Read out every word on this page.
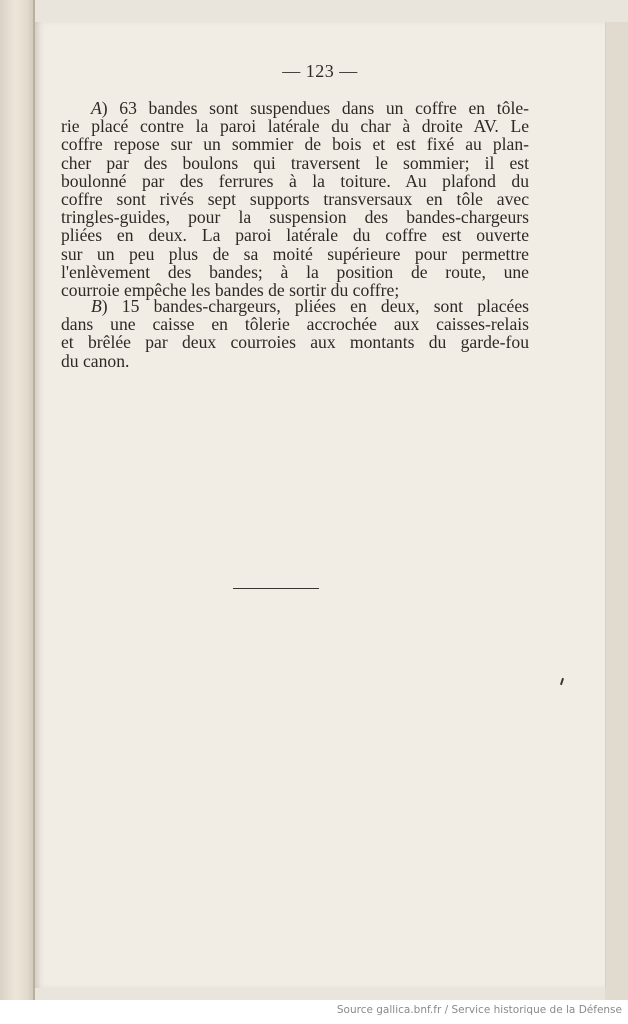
— 123 —
A) 63 bandes sont suspendues dans un coffre en tôle-
rie placé contre la paroi latérale du char à droite AV. Le
coffre repose sur un sommier de bois et est fixé au plan-
cher par des boulons qui traversent le sommier; il est
boulonné par des ferrures à la toiture. Au plafond du
coffre sont rivés sept supports transversaux en tôle avec
tringles-guides, pour la suspension des bandes-chargeurs
pliées en deux. La paroi latérale du coffre est ouverte
sur un peu plus de sa moité supérieure pour permettre
l'enlèvement des bandes; à la position de route, une
courroie empêche les bandes de sortir du coffre;
B) 15 bandes-chargeurs, pliées en deux, sont placées
dans une caisse en tôlerie accrochée aux caisses-relais
et brêlée par deux courroies aux montants du garde-fou
du canon.
Source gallica.bnf.fr / Service historique de la Défense
